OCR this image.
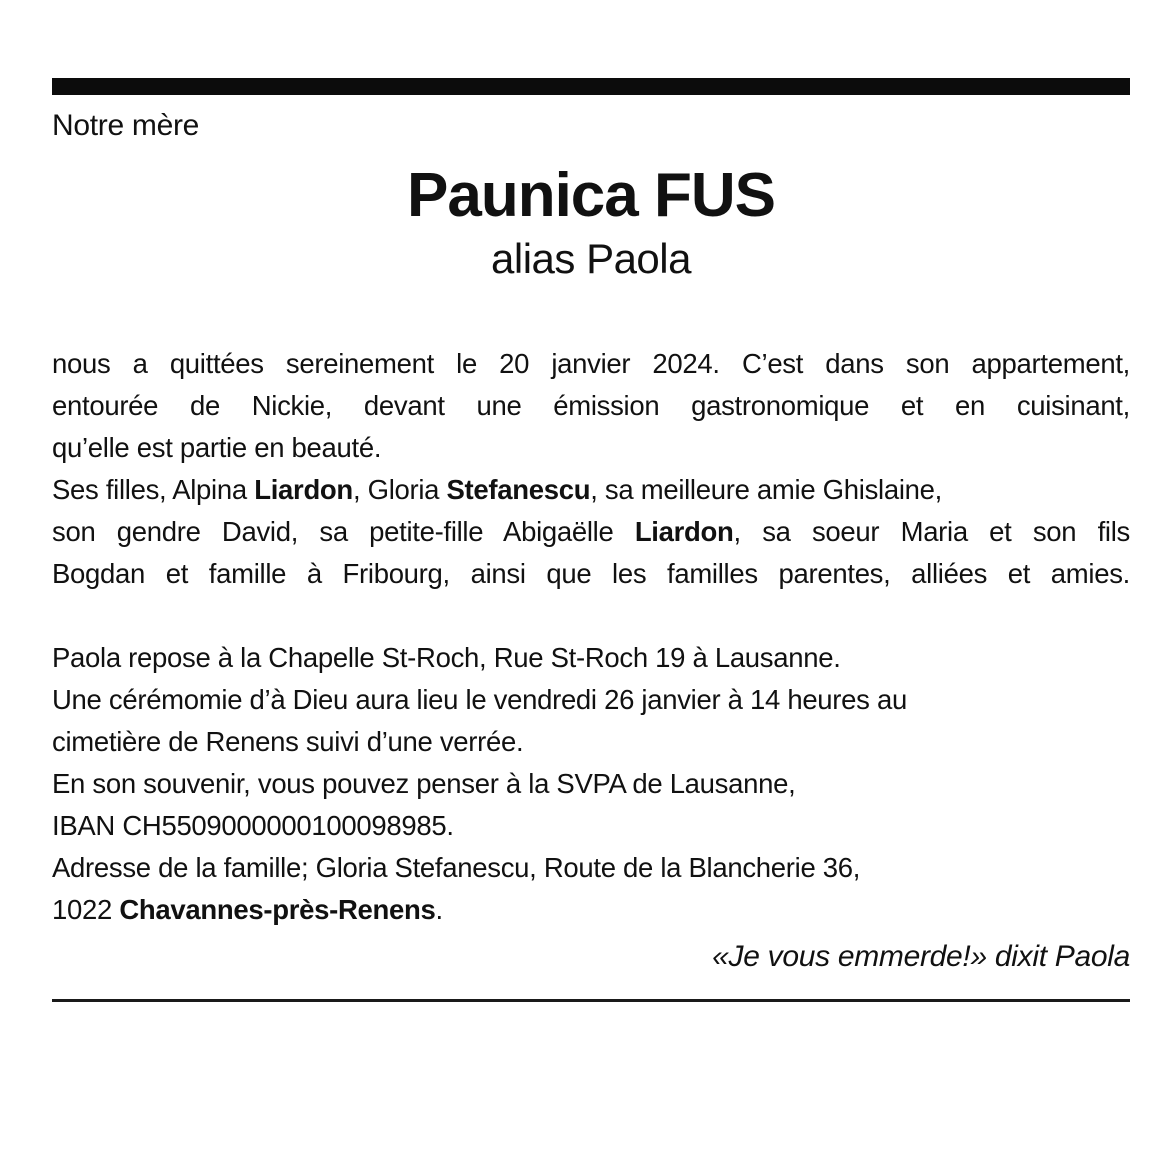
Notre mère
Paunica FUS
alias Paola
nous a quittées sereinement le 20 janvier 2024. C’est dans son appartement,
entourée de Nickie, devant une émission gastronomique et en cuisinant,
qu’elle est partie en beauté.
Ses filles, Alpina Liardon, Gloria Stefanescu, sa meilleure amie Ghislaine,
son gendre David, sa petite-fille Abigaëlle Liardon, sa soeur Maria et son fils
Bogdan et famille à Fribourg, ainsi que les familles parentes, alliées et amies.
Paola repose à la Chapelle St-Roch, Rue St-Roch 19 à Lausanne.
Une cérémomie d’à Dieu aura lieu le vendredi 26 janvier à 14 heures au
cimetière de Renens suivi d’une verrée.
En son souvenir, vous pouvez penser à la SVPA de Lausanne,
IBAN CH5509000000100098985.
Adresse de la famille; Gloria Stefanescu, Route de la Blancherie 36,
1022 Chavannes-près-Renens.
«Je vous emmerde!» dixit Paola
